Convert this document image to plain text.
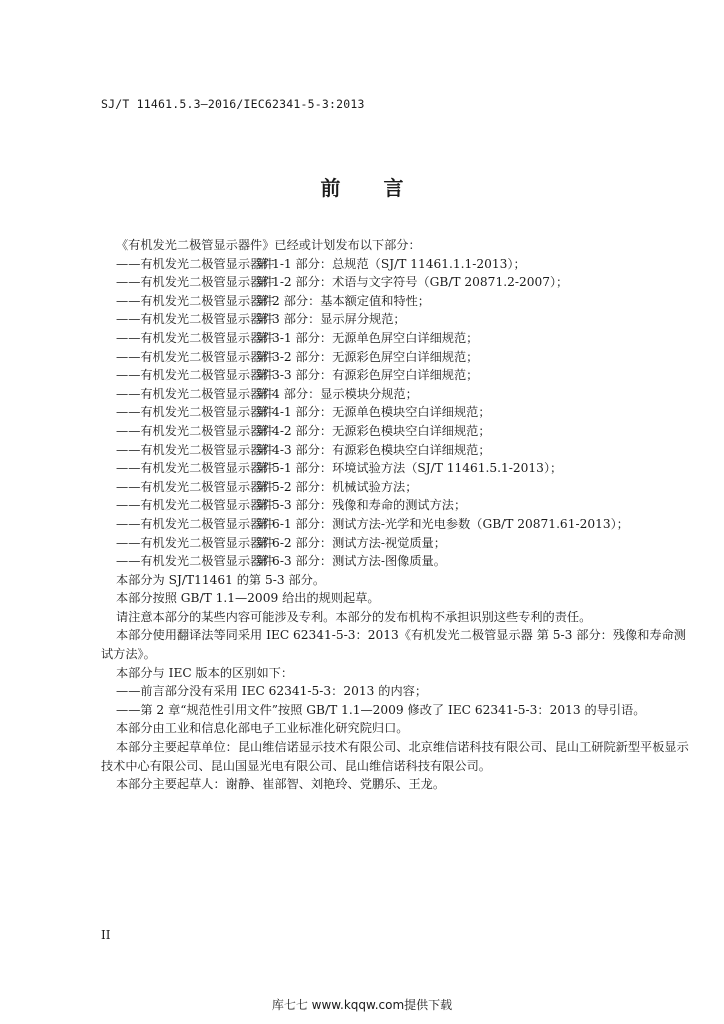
SJ/T 11461.5.3—2016/IEC62341-5-3:2013
前 言
《有机发光二极管显示器件》已经或计划发布以下部分：
——有机发光二极管显示器件第 1-1 部分：总规范（SJ/T 11461.1.1-2013）；
——有机发光二极管显示器件第 1-2 部分：术语与文字符号（GB/T 20871.2-2007）；
——有机发光二极管显示器件第 2 部分：基本额定值和特性；
——有机发光二极管显示器件第 3 部分：显示屏分规范；
——有机发光二极管显示器件第 3-1 部分：无源单色屏空白详细规范；
——有机发光二极管显示器件第 3-2 部分：无源彩色屏空白详细规范；
——有机发光二极管显示器件第 3-3 部分：有源彩色屏空白详细规范；
——有机发光二极管显示器件第 4 部分：显示模块分规范；
——有机发光二极管显示器件第 4-1 部分：无源单色模块空白详细规范；
——有机发光二极管显示器件第 4-2 部分：无源彩色模块空白详细规范；
——有机发光二极管显示器件第 4-3 部分：有源彩色模块空白详细规范；
——有机发光二极管显示器件第 5-1 部分：环境试验方法（SJ/T 11461.5.1-2013）；
——有机发光二极管显示器件第 5-2 部分：机械试验方法；
——有机发光二极管显示器件第 5-3 部分：残像和寿命的测试方法；
——有机发光二极管显示器件第 6-1 部分：测试方法-光学和光电参数（GB/T 20871.61-2013）；
——有机发光二极管显示器件第 6-2 部分：测试方法-视觉质量；
——有机发光二极管显示器件第 6-3 部分：测试方法-图像质量。
本部分为 SJ/T11461 的第 5-3 部分。
本部分按照 GB/T 1.1—2009 给出的规则起草。
请注意本部分的某些内容可能涉及专利。本部分的发布机构不承担识别这些专利的责任。
本部分使用翻译法等同采用 IEC 62341-5-3：2013《有机发光二极管显示器 第 5-3 部分：残像和寿命测试方法》。
本部分与 IEC 版本的区别如下：
——前言部分没有采用 IEC 62341-5-3：2013 的内容；
——第 2 章“规范性引用文件”按照 GB/T 1.1—2009 修改了 IEC 62341-5-3：2013 的导引语。
本部分由工业和信息化部电子工业标准化研究院归口。
本部分主要起草单位：昆山维信诺显示技术有限公司、北京维信诺科技有限公司、昆山工研院新型平板显示技术中心有限公司、昆山国显光电有限公司、昆山维信诺科技有限公司。
本部分主要起草人：谢静、崔部智、刘艳玲、党鹏乐、王龙。
II
库七七 www.kqqw.com提供下载
